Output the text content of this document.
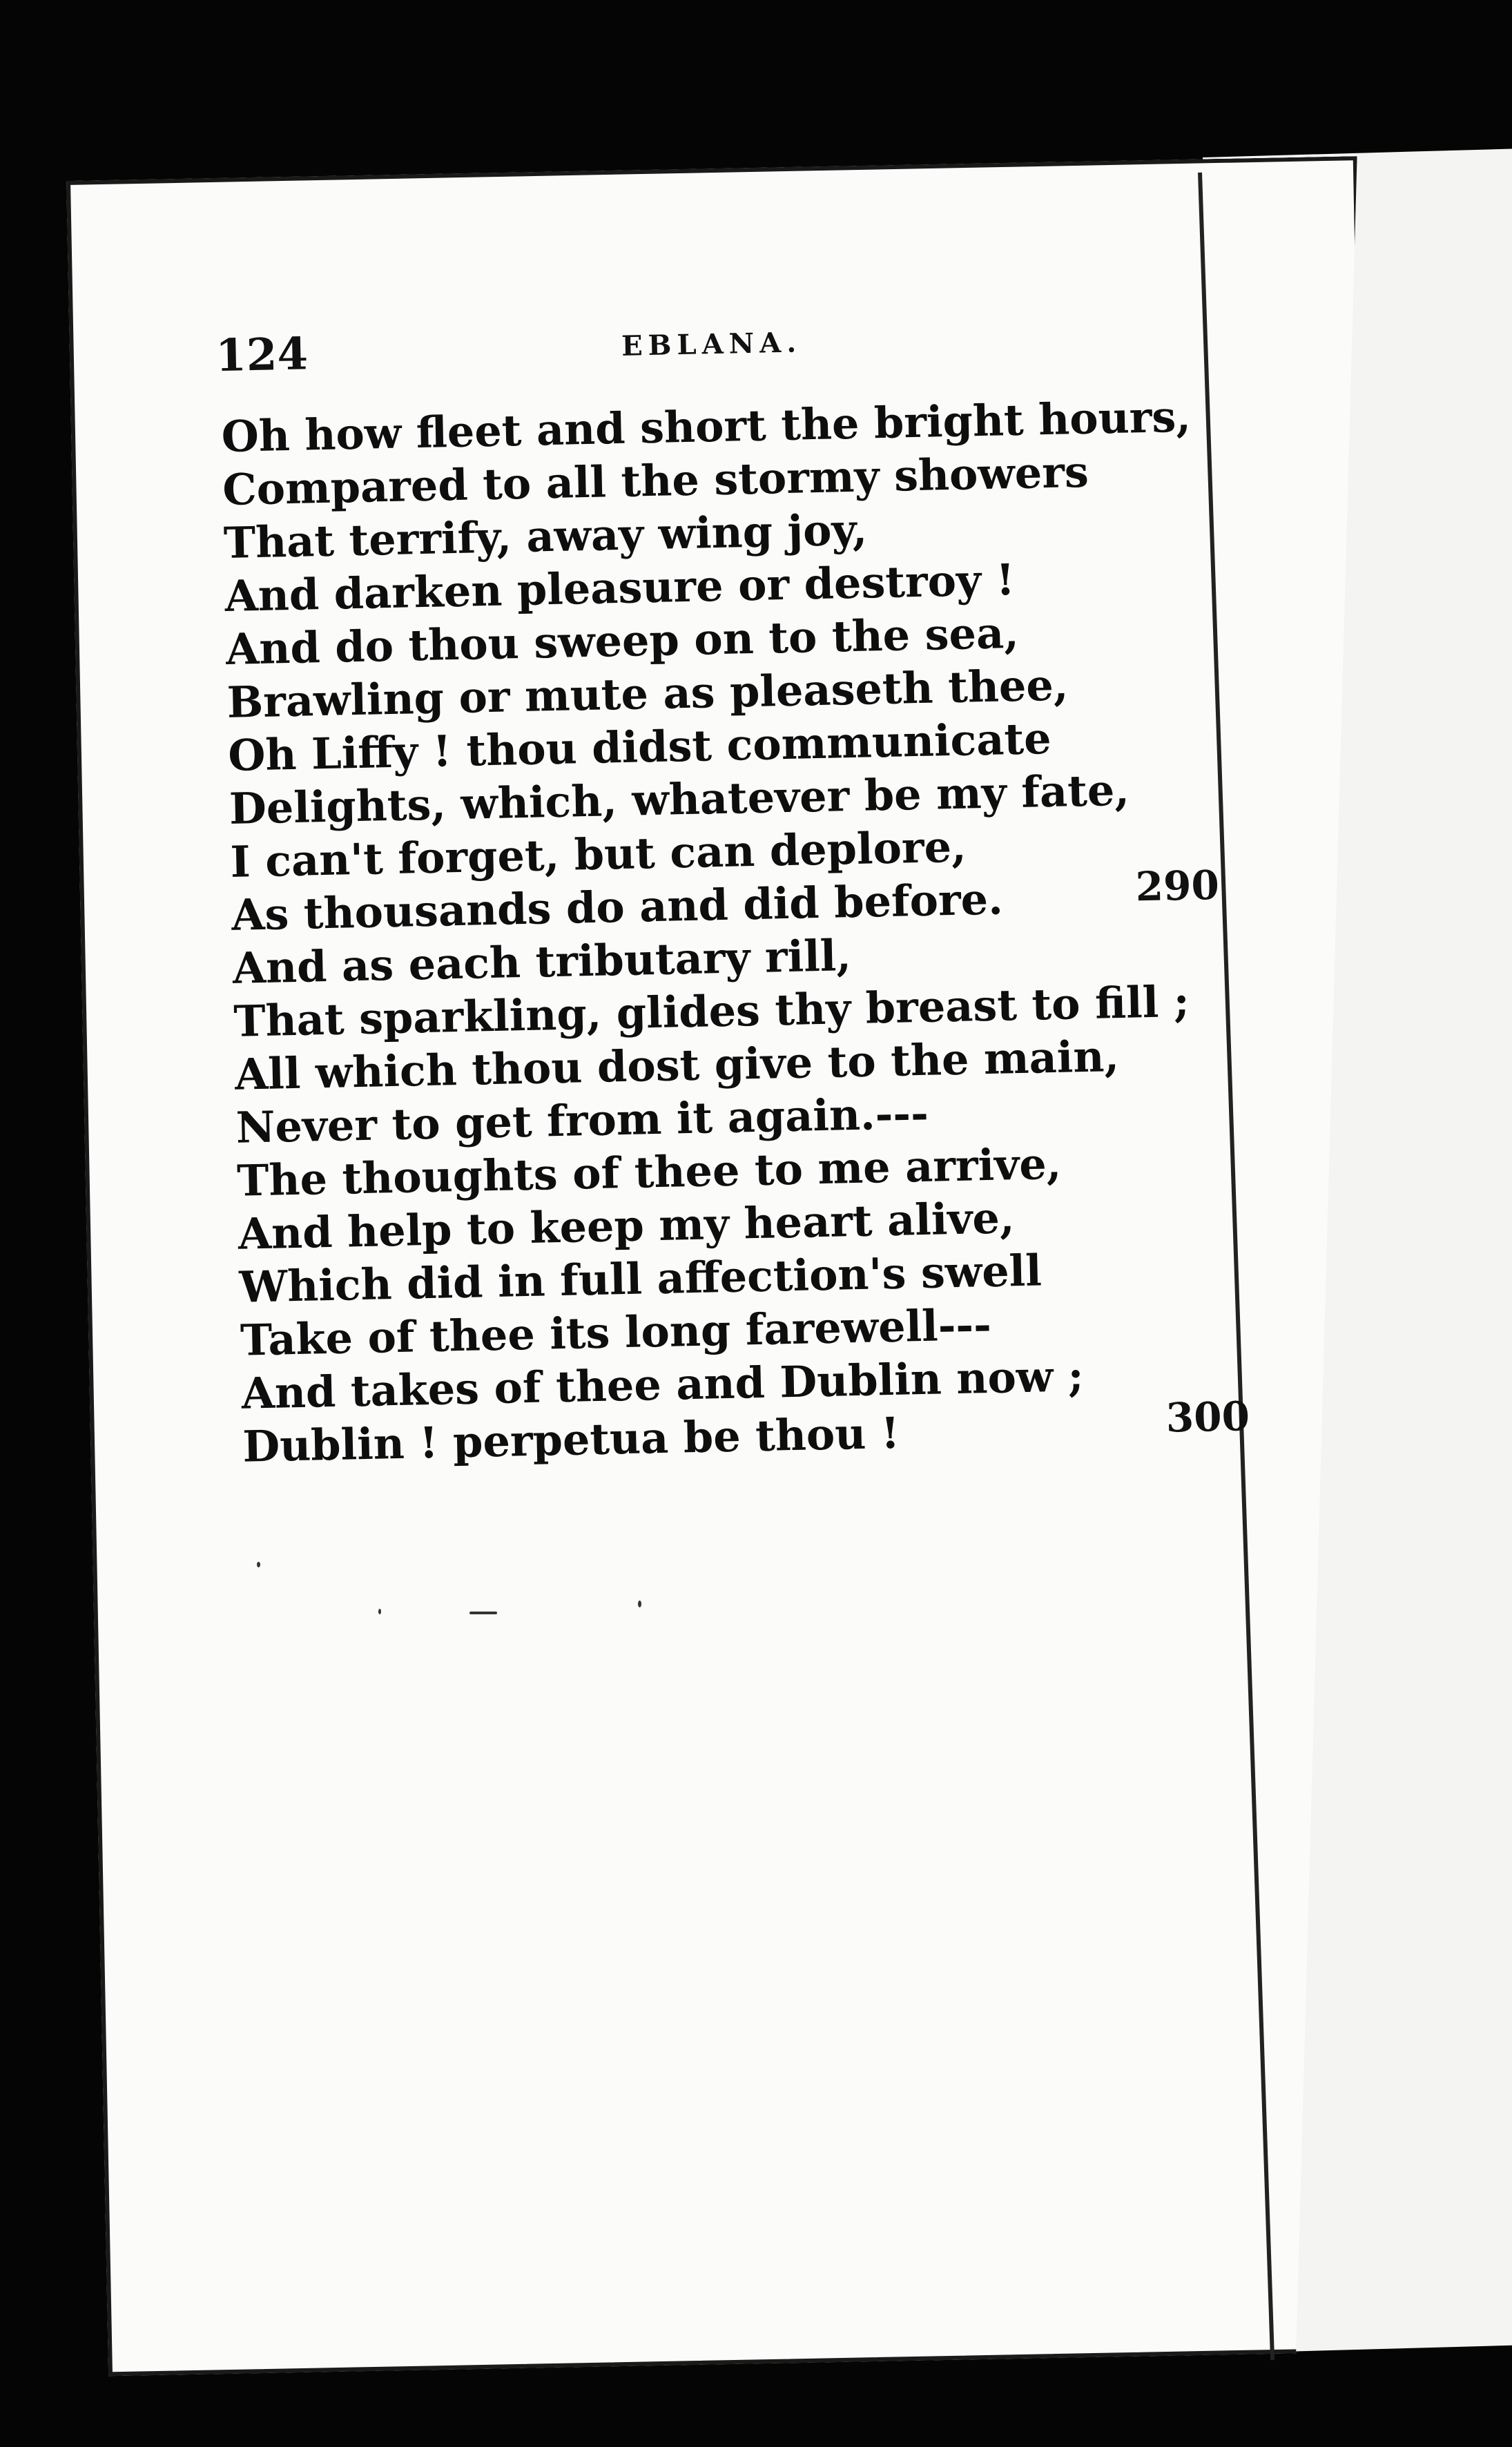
124	EBLANA.
Oh how fleet and short the bright hours,
Compared to all the stormy showers
That terrify, away wing joy,
And darken pleasure or destroy !
And do thou sweep on to the sea,
Brawling or mute as pleaseth thee,
Oh Liffy ! thou didst communicate
Delights, which, whatever be my fate,
I can't forget, but can deplore,
As thousands do and did before.
And as each tributary rill,
That sparkling, glides thy breast to fill ;
All which thou dost give to the main,
Never to get from it again.---
The thoughts of thee to me arrive,
And help to keep my heart alive,
Which did in full affection's swell
Take of thee its long farewell---
And takes of thee and Dublin now ;
Dublin ! perpetua be thou !
290
300
